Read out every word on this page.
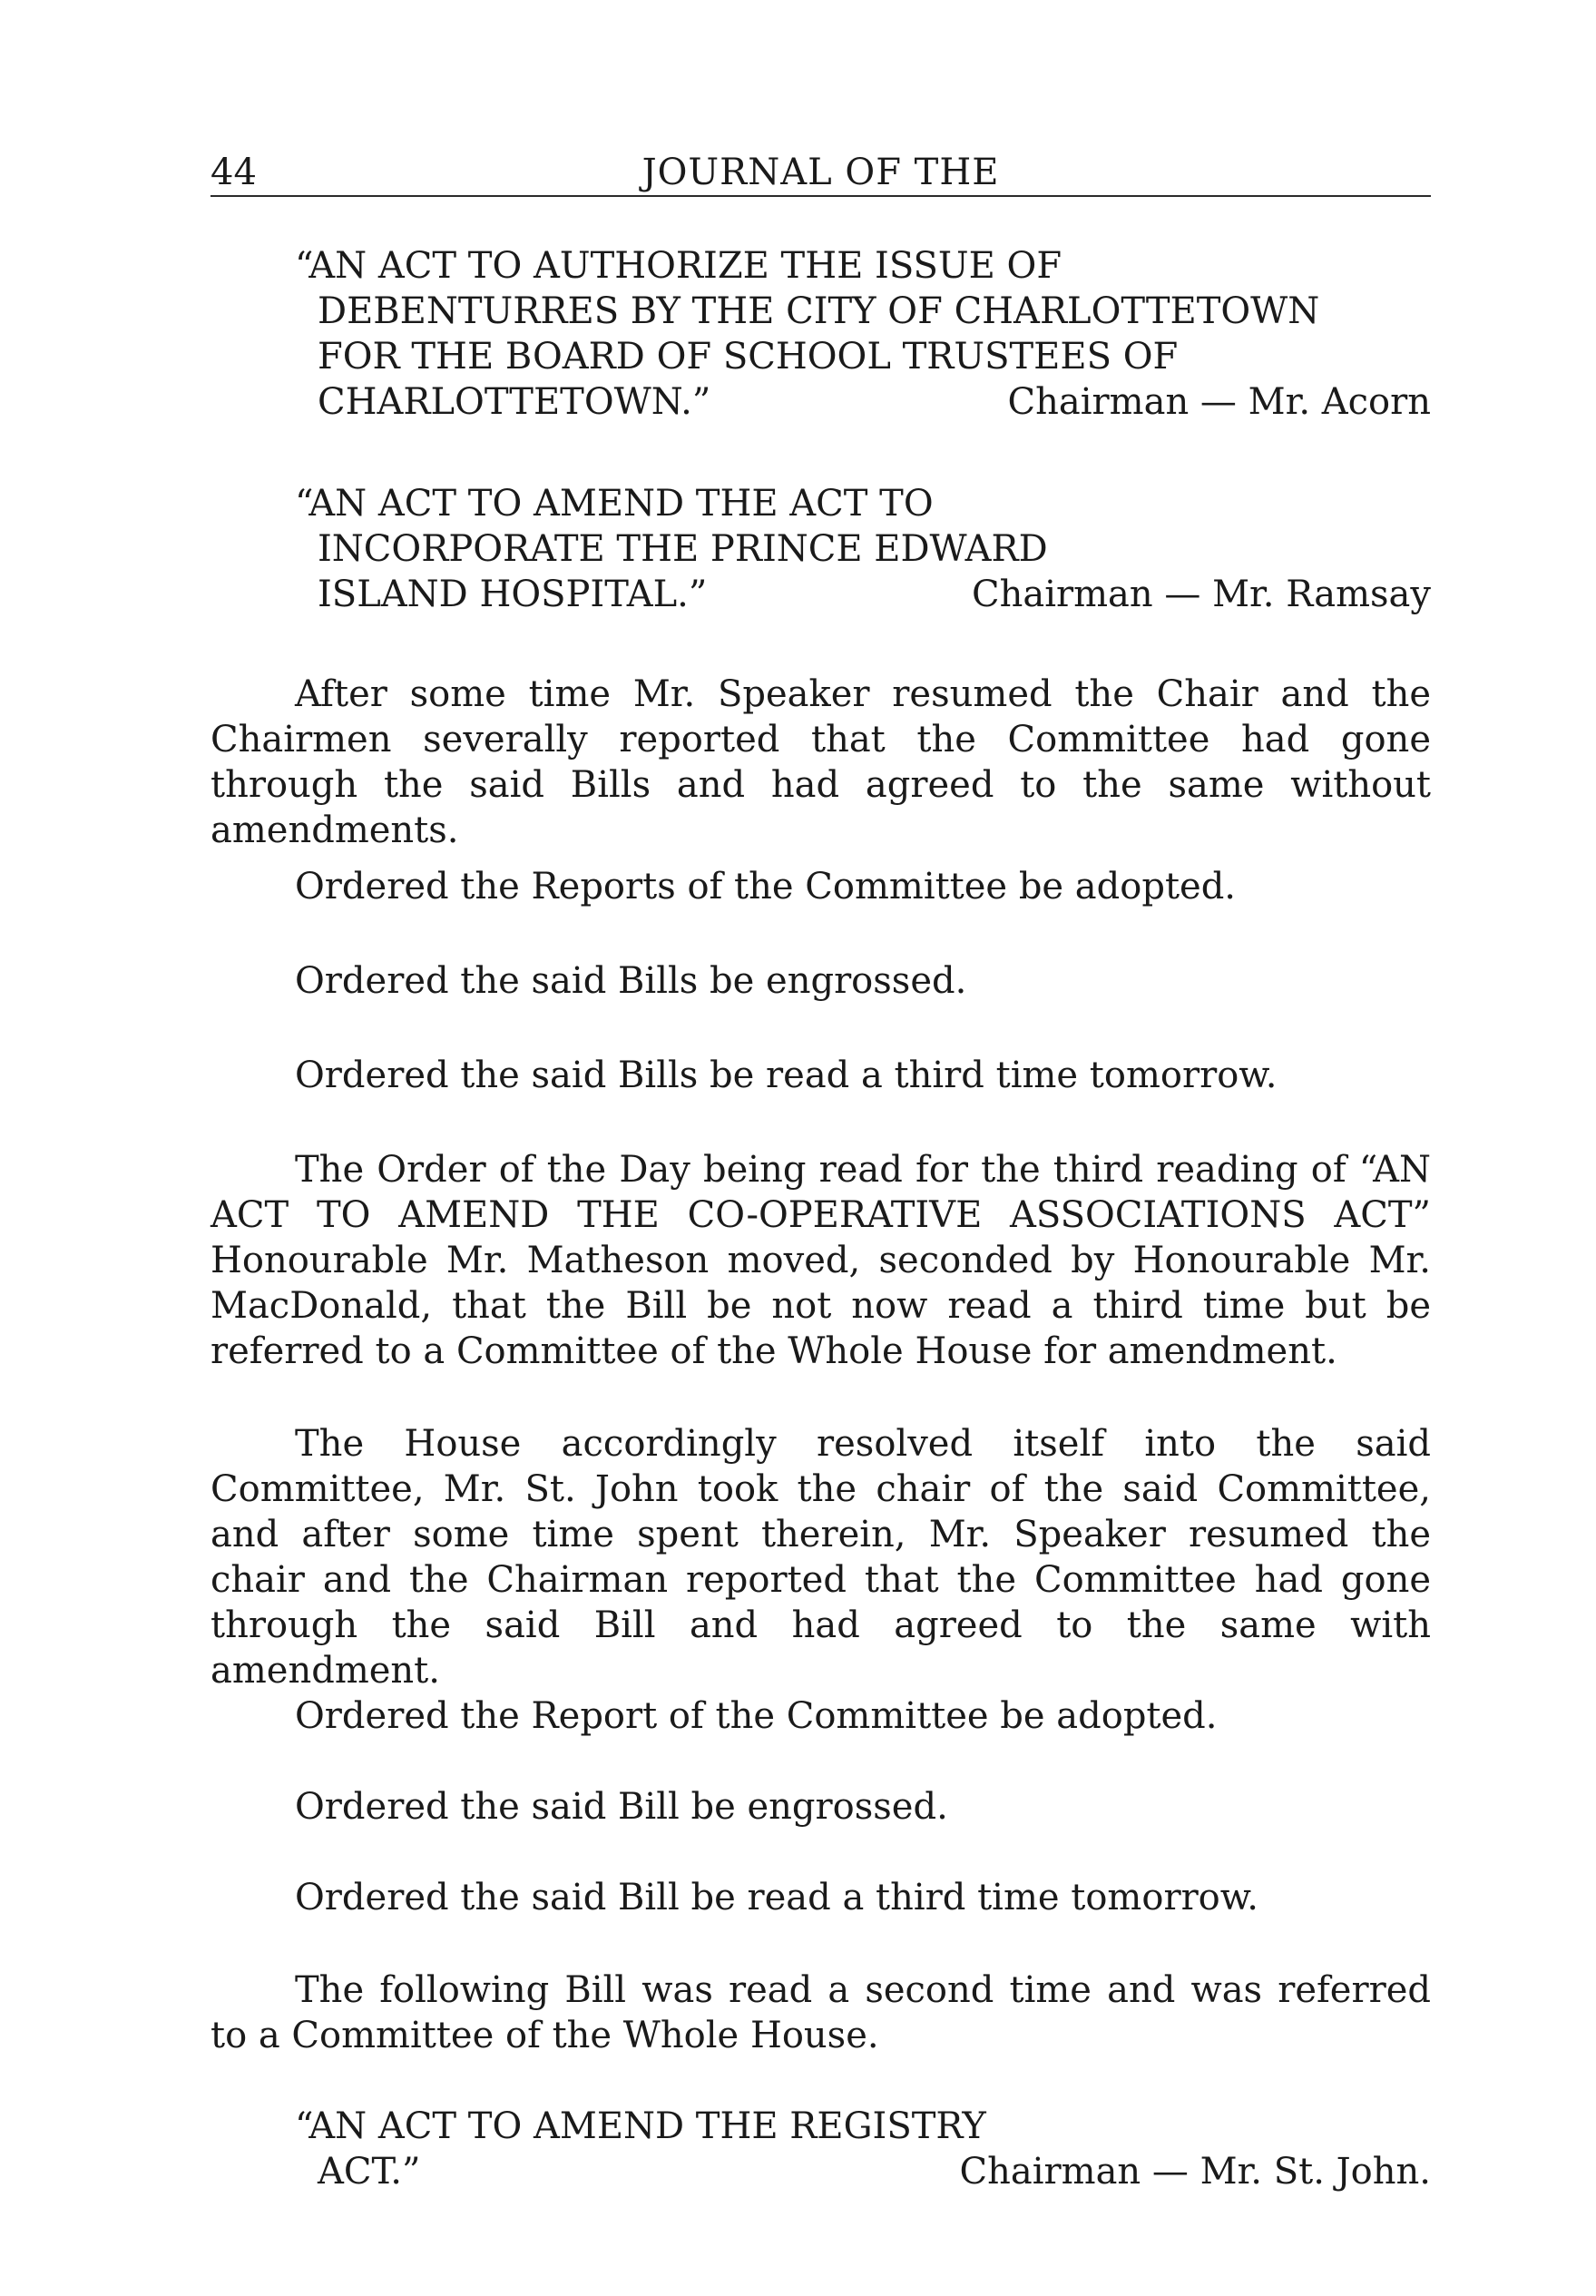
44	JOURNAL OF THE
“AN ACT TO AUTHORIZE THE ISSUE OF
DEBENTURRES BY THE CITY OF CHARLOTTETOWN
FOR THE BOARD OF SCHOOL TRUSTEES OF
CHARLOTTETOWN.”	Chairman — Mr. Acorn
“AN ACT TO AMEND THE ACT TO
INCORPORATE THE PRINCE EDWARD
ISLAND HOSPITAL.”	Chairman — Mr. Ramsay

After some time Mr. Speaker resumed the Chair and the Chairmen severally reported that the Committee had gone through the said Bills and had agreed to the same without amendments.

Ordered the Reports of the Committee be adopted.

Ordered the said Bills be engrossed.

Ordered the said Bills be read a third time tomorrow.

The Order of the Day being read for the third reading of “AN ACT TO AMEND THE CO-OPERATIVE ASSOCIATIONS ACT” Honourable Mr. Matheson moved, seconded by Honourable Mr. MacDonald, that the Bill be not now read a third time but be referred to a Committee of the Whole House for amendment.

The House accordingly resolved itself into the said Committee, Mr. St. John took the chair of the said Committee, and after some time spent therein, Mr. Speaker resumed the chair and the Chairman reported that the Committee had gone through the said Bill and had agreed to the same with amendment.

Ordered the Report of the Committee be adopted.

Ordered the said Bill be engrossed.

Ordered the said Bill be read a third time tomorrow.

The following Bill was read a second time and was referred to a Committee of the Whole House.

“AN ACT TO AMEND THE REGISTRY
ACT.”	Chairman — Mr. St. John.
